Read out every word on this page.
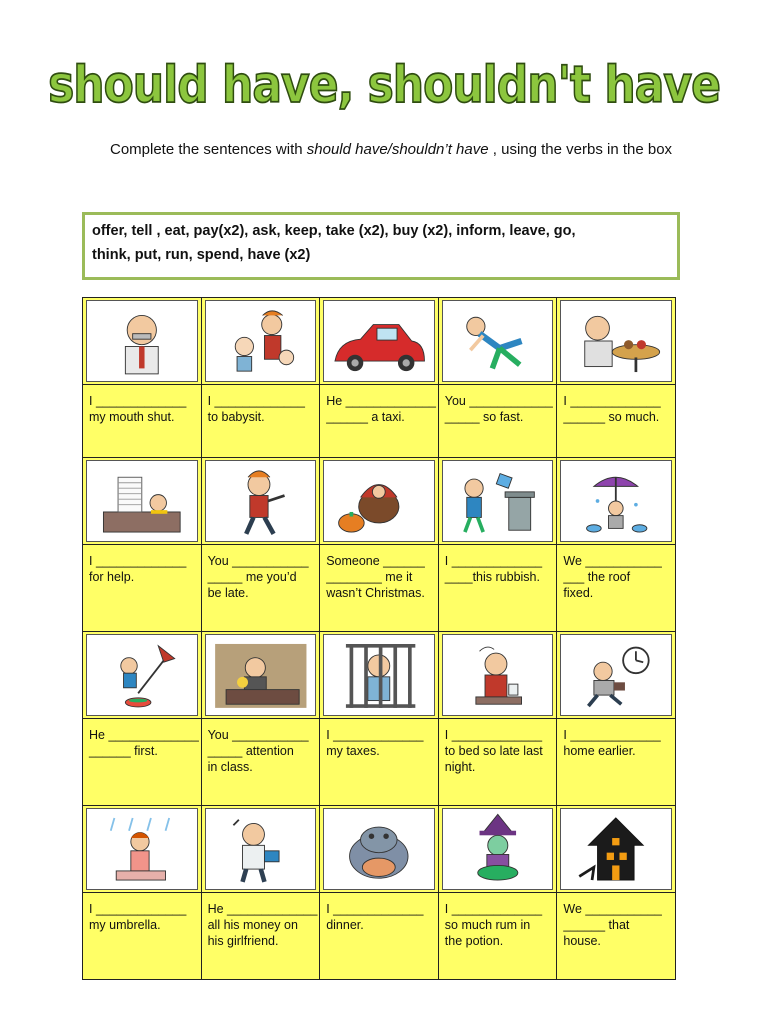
should have, shouldn't have
Complete the sentences with should have/shouldn’t have , using the verbs in the box
offer, tell , eat, pay(x2), ask, keep, take (x2), buy (x2), inform, leave, go,
think, put, run, spend, have (x2)

I _____________
my mouth shut.	I _____________
to babysit.	He _____________
______ a taxi.	You ____________
_____ so fast.	I _____________
______ so much.

I _____________
for help.	You ___________
_____ me you’d
be late.	Someone ______
________ me it
wasn’t Christmas.	I _____________
____this rubbish.	We ___________
___ the roof
fixed.

He _____________
______ first.	You ___________
_____ attention
in class.	I _____________
my taxes.	I _____________
to bed so late last
night.	I _____________
home earlier.

I _____________
my umbrella.	He _____________
all his money on
his girlfriend.	I _____________
dinner.	I _____________
so much rum in
the potion.	We ___________
______ that
house.
